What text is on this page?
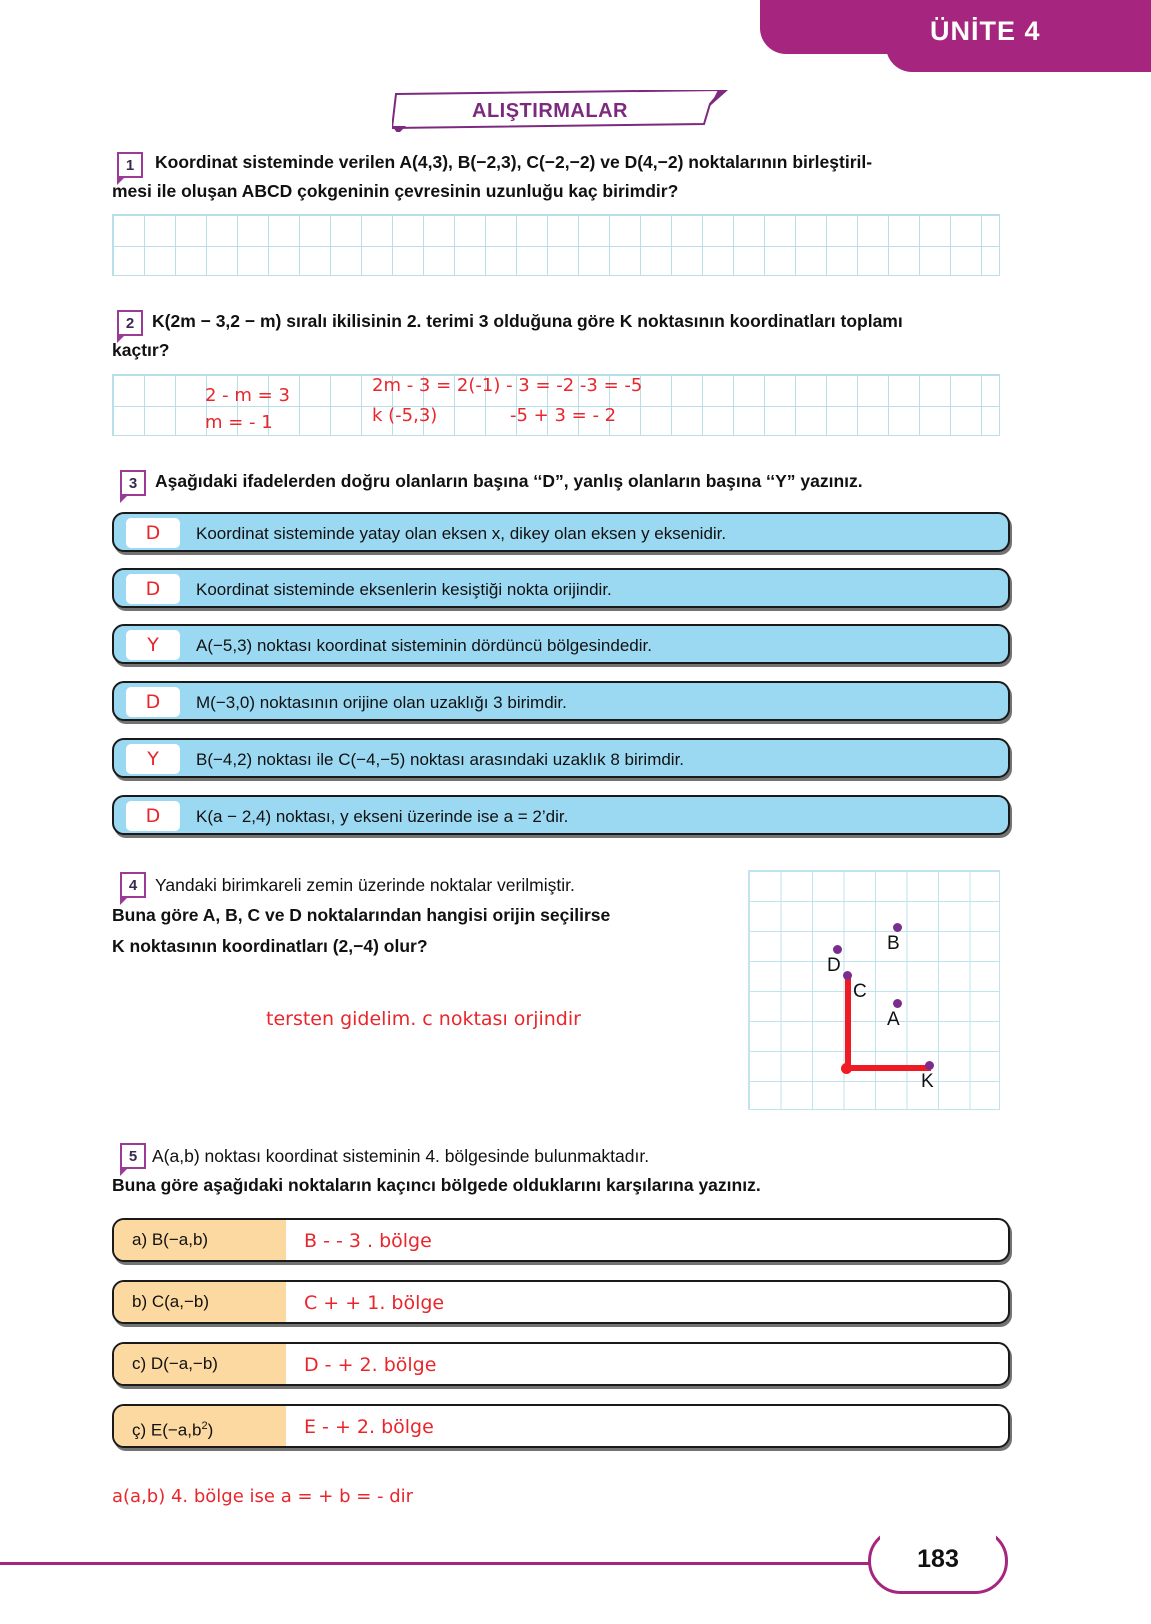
ÜNİTE 4
ALIŞTIRMALAR
1	Koordinat sisteminde verilen A(4,3), B(−2,3), C(−2,−2) ve D(4,−2) noktalarının birleştiril-
mesi ile oluşan ABCD çokgeninin çevresinin uzunluğu kaç birimdir?
2	K(2m − 3,2 − m) sıralı ikilisinin 2. terimi 3 olduğuna göre K noktasının koordinatları toplamı
kaçtır?
2 - m = 3
m = - 1
2m - 3 = 2(-1) - 3 = -2 -3 = -5
k (-5,3)	-5 + 3 = - 2
3	Aşağıdaki ifadelerden doğru olanların başına ‘‘D”, yanlış olanların başına ‘‘Y” yazınız.
D	Koordinat sisteminde yatay olan eksen x, dikey olan eksen y eksenidir.
D	Koordinat sisteminde eksenlerin kesiştiği nokta orijindir.
Y	A(−5,3) noktası koordinat sisteminin dördüncü bölgesindedir.
D	M(−3,0) noktasının orijine olan uzaklığı 3 birimdir.
Y	B(−4,2) noktası ile C(−4,−5) noktası arasındaki uzaklık 8 birimdir.
D	K(a − 2,4) noktası, y ekseni üzerinde ise a = 2’dir.
4	Yandaki birimkareli zemin üzerinde noktalar verilmiştir.
Buna göre A, B, C ve D noktalarından hangisi orijin seçilirse
K noktasının koordinatları (2,−4) olur?
tersten gidelim. c noktası orjindir
D
B
C
A
K
5 A(a,b) noktası koordinat sisteminin 4. bölgesinde bulunmaktadır.
Buna göre aşağıdaki noktaların kaçıncı bölgede olduklarını karşılarına yazınız.
a) B(−a,b)	B - - 3 . bölge
b) C(a,−b)	C + + 1. bölge
c) D(−a,−b)	D - + 2. bölge
ç) $E(-a,b^2)$	E - + 2. bölge
a(a,b) 4. bölge ise a = + b = - dir
183
